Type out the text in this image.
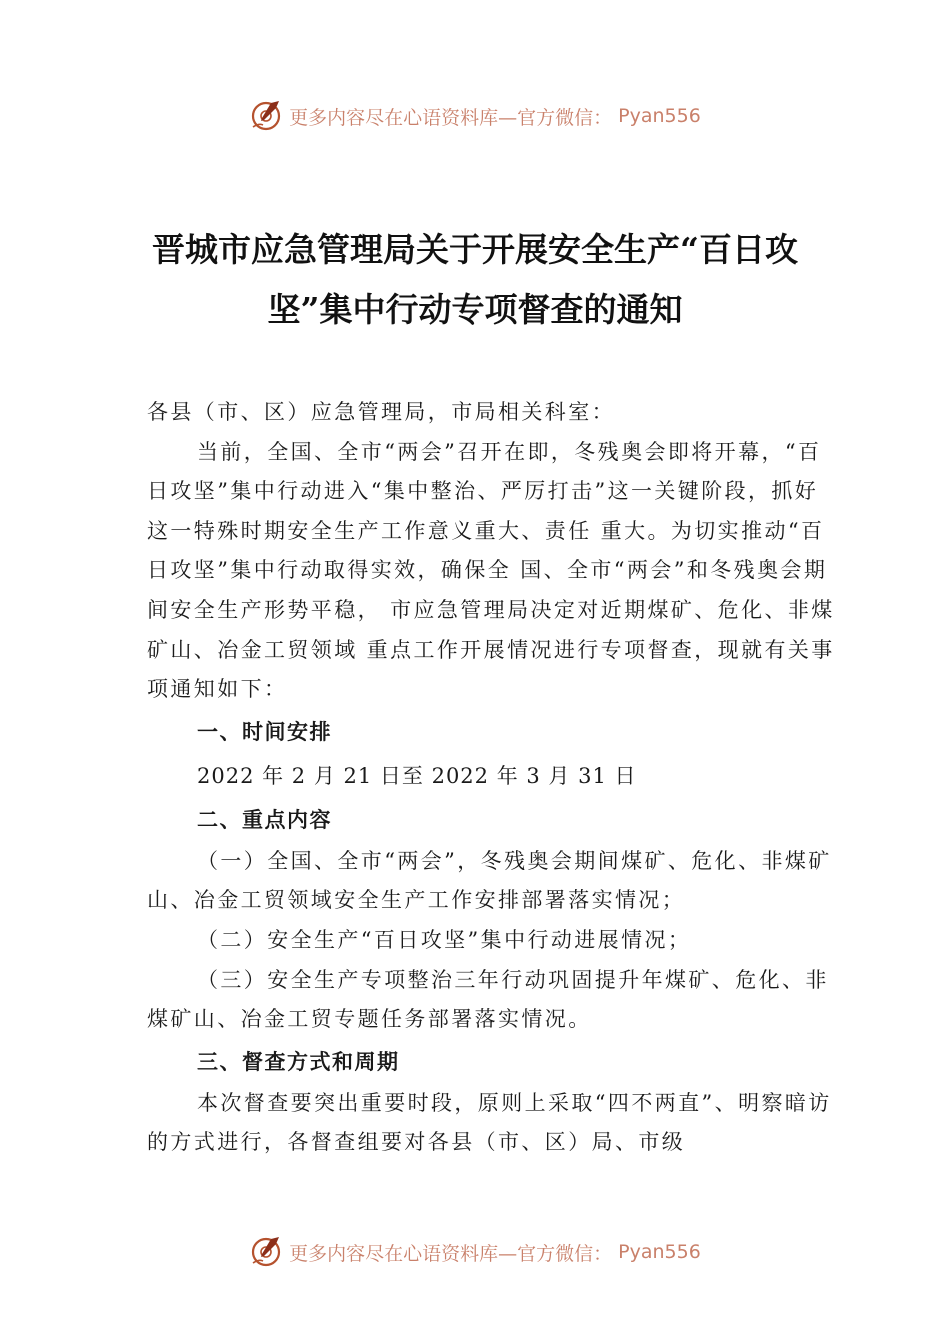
更多内容尽在心语资料库—官方微信： Pyan556
晋城市应急管理局关于开展安全生产“百日攻坚”集中行动专项督查的通知

各县（市、区）应急管理局，市局相关科室：

当前，全国、全市“两会”召开在即，冬残奥会即将开幕，“百日攻坚”集中行动进入“集中整治、严厉打击”这一关键阶段，抓好这一特殊时期安全生产工作意义重大、责任 重大。为切实推动“百日攻坚”集中行动取得实效，确保全 国、全市“两会”和冬残奥会期间安全生产形势平稳， 市应急管理局决定对近期煤矿、危化、非煤矿山、冶金工贸领域 重点工作开展情况进行专项督查，现就有关事项通知如下：

一、时间安排

2022 年 2 月 21 日至 2022 年 3 月 31 日

二、重点内容

（一）全国、全市“两会”，冬残奥会期间煤矿、危化、非煤矿山、冶金工贸领域安全生产工作安排部署落实情况；

（二）安全生产“百日攻坚”集中行动进展情况；

（三）安全生产专项整治三年行动巩固提升年煤矿、危化、非煤矿山、冶金工贸专题任务部署落实情况。

三、督查方式和周期

本次督查要突出重要时段，原则上采取“四不两直”、明察暗访的方式进行，各督查组要对各县（市、区）局、市级

更多内容尽在心语资料库—官方微信： Pyan556
